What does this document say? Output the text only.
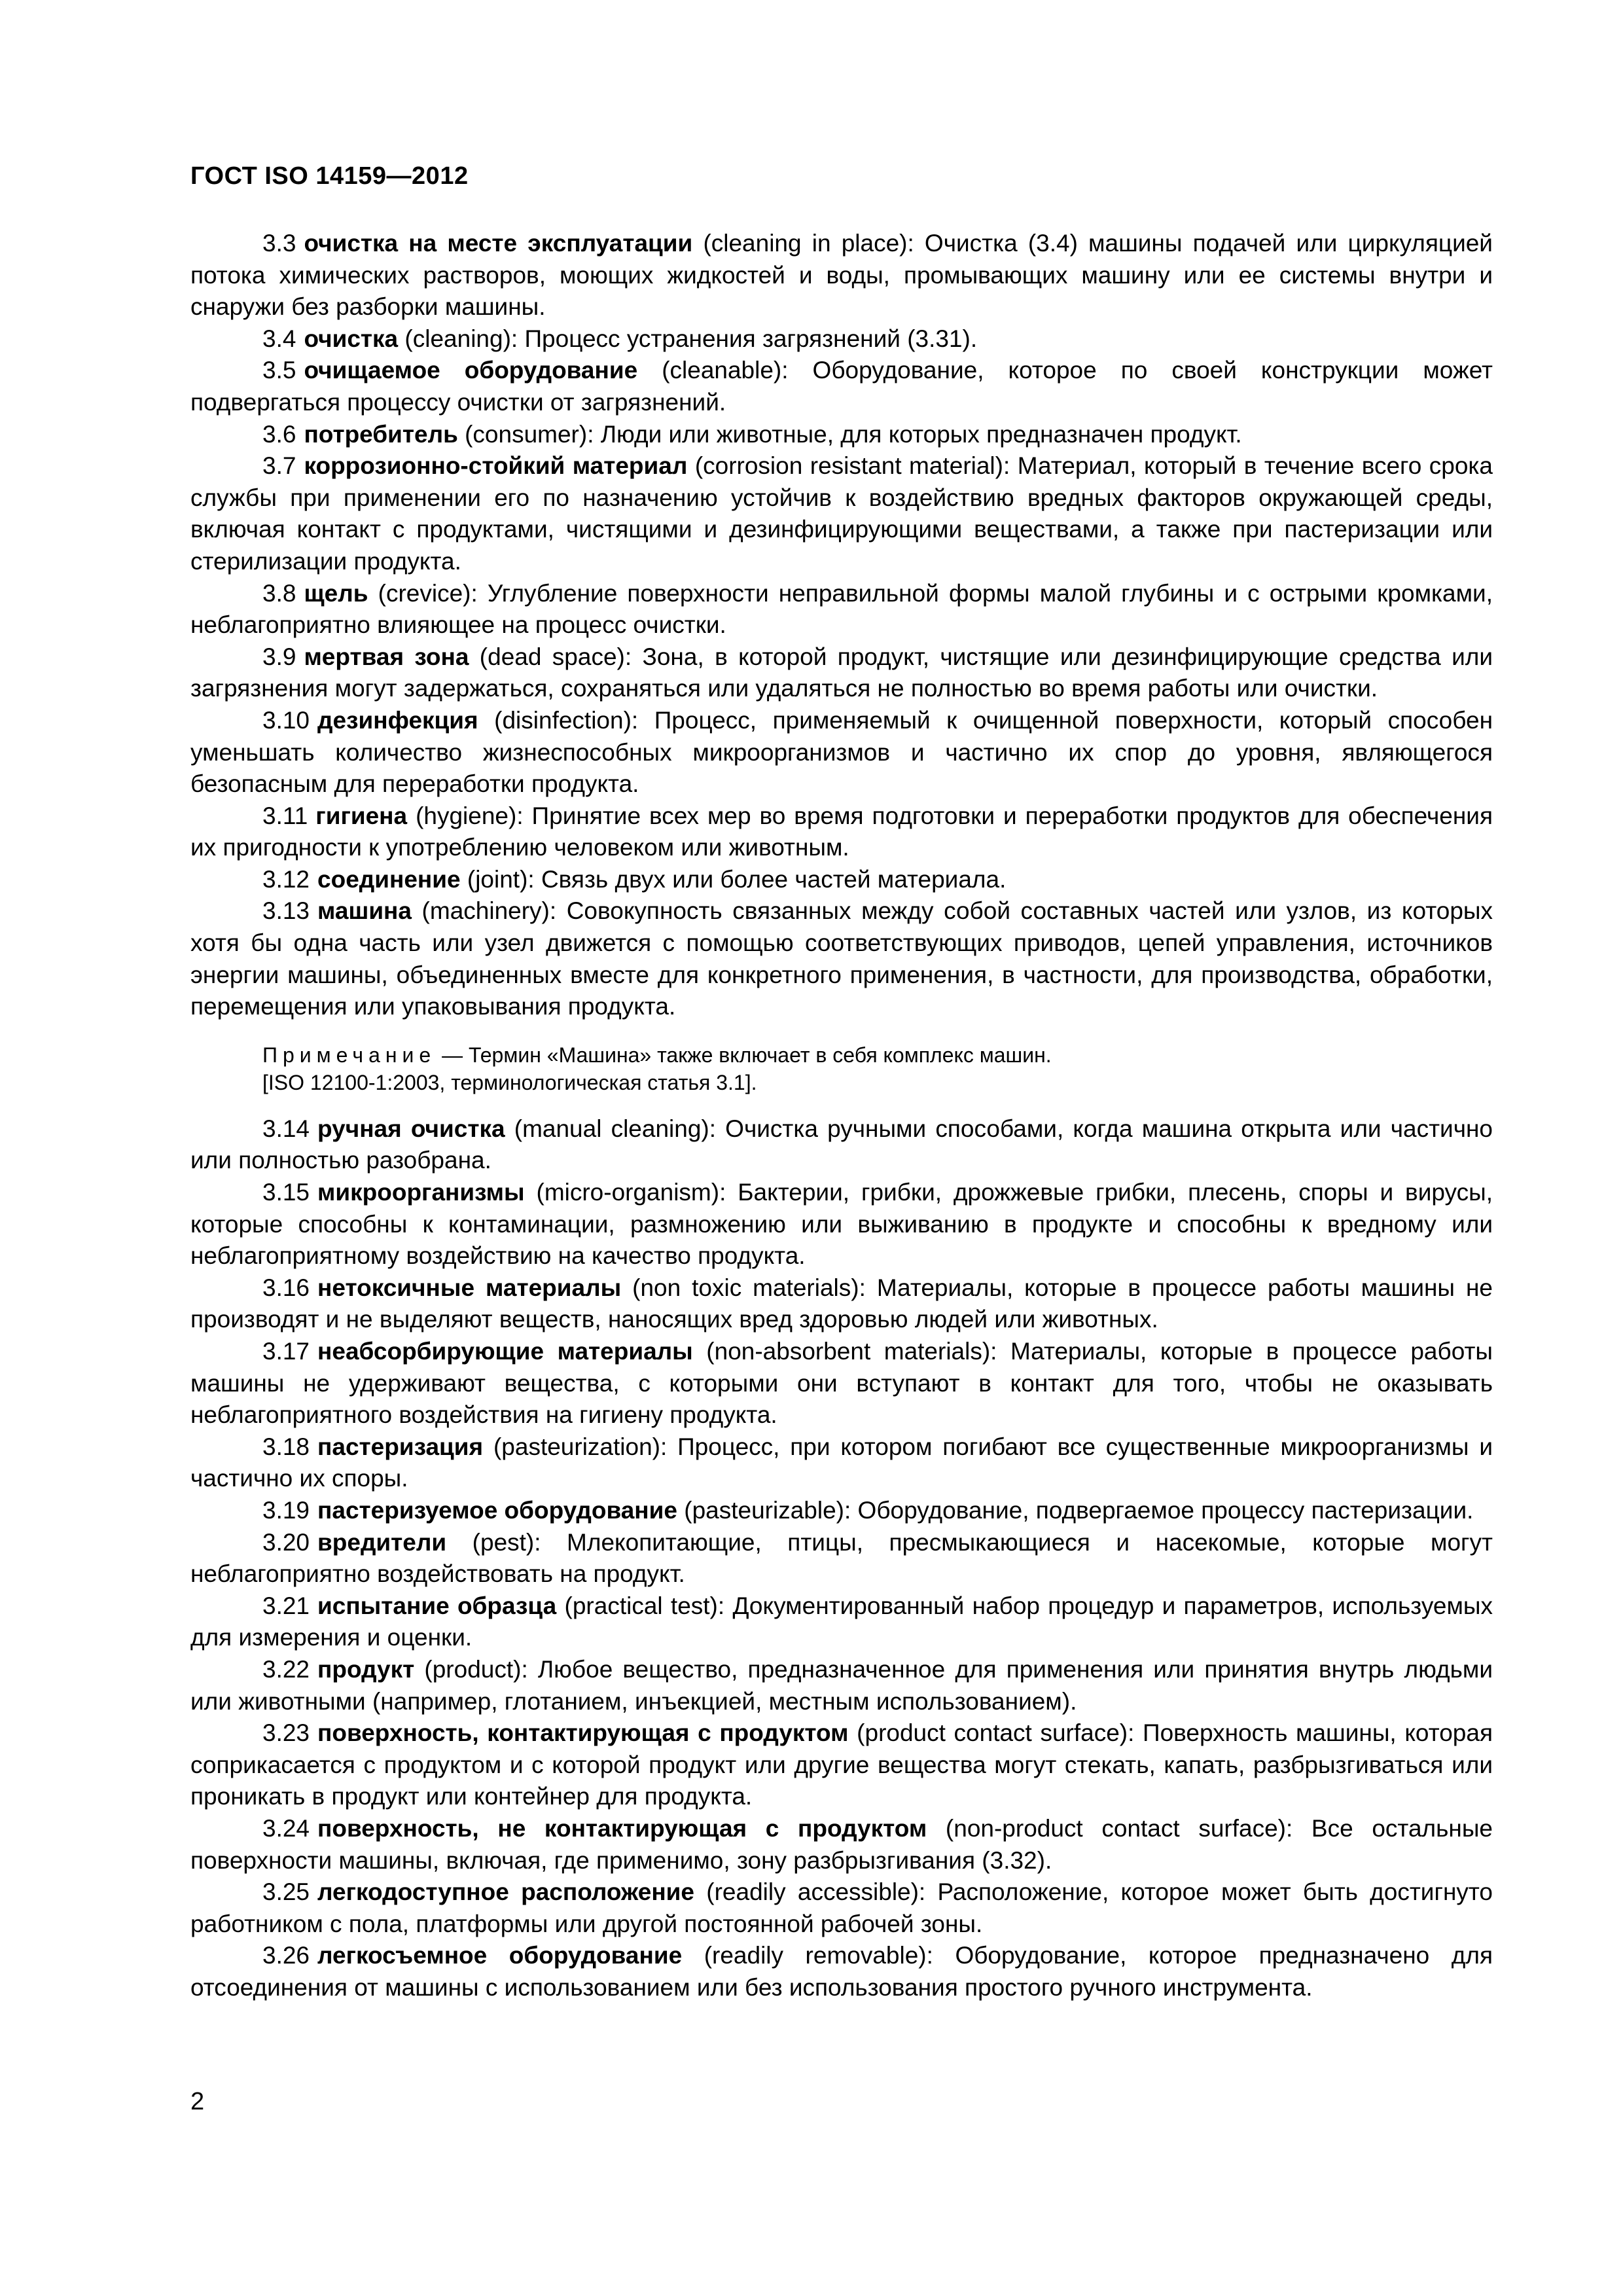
ГОСТ ISO 14159—2012

3.3 очистка на месте эксплуатации (cleaning in place): Очистка (3.4) машины подачей или циркуляцией потока химических растворов, моющих жидкостей и воды, промывающих машину или ее системы внутри и снаружи без разборки машины.

3.4 очистка (cleaning): Процесс устранения загрязнений (3.31).

3.5 очищаемое оборудование (cleanable): Оборудование, которое по своей конструкции может подвергаться процессу очистки от загрязнений.

3.6 потребитель (consumer): Люди или животные, для которых предназначен продукт.

3.7 коррозионно-стойкий материал (corrosion resistant material): Материал, который в течение всего срока службы при применении его по назначению устойчив к воздействию вредных факторов окружающей среды, включая контакт с продуктами, чистящими и дезинфицирующими веществами, а также при пастеризации или стерилизации продукта.

3.8 щель (crevice): Углубление поверхности неправильной формы малой глубины и с острыми кромками, неблагоприятно влияющее на процесс очистки.

3.9 мертвая зона (dead space): Зона, в которой продукт, чистящие или дезинфицирующие средства или загрязнения могут задержаться, сохраняться или удаляться не полностью во время работы или очистки.

3.10 дезинфекция (disinfection): Процесс, применяемый к очищенной поверхности, который способен уменьшать количество жизнеспособных микроорганизмов и частично их спор до уровня, являющегося безопасным для переработки продукта.

3.11 гигиена (hygiene): Принятие всех мер во время подготовки и переработки продуктов для обеспечения их пригодности к употреблению человеком или животным.

3.12 соединение (joint): Связь двух или более частей материала.

3.13 машина (machinery): Совокупность связанных между собой составных частей или узлов, из которых хотя бы одна часть или узел движется с помощью соответствующих приводов, цепей управления, источников энергии машины, объединенных вместе для конкретного применения, в частности, для производства, обработки, перемещения или упаковывания продукта.

Примечание — Термин «Машина» также включает в себя комплекс машин.

[ISO 12100-1:2003, терминологическая статья 3.1].

3.14 ручная очистка (manual cleaning): Очистка ручными способами, когда машина открыта или частично или полностью разобрана.

3.15 микроорганизмы (micro-organism): Бактерии, грибки, дрожжевые грибки, плесень, споры и вирусы, которые способны к контаминации, размножению или выживанию в продукте и способны к вредному или неблагоприятному воздействию на качество продукта.

3.16 нетоксичные материалы (non toxic materials): Материалы, которые в процессе работы машины не производят и не выделяют веществ, наносящих вред здоровью людей или животных.

3.17 неабсорбирующие материалы (non-absorbent materials): Материалы, которые в процессе работы машины не удерживают вещества, с которыми они вступают в контакт для того, чтобы не оказывать неблагоприятного воздействия на гигиену продукта.

3.18 пастеризация (pasteurization): Процесс, при котором погибают все существенные микроорганизмы и частично их споры.

3.19 пастеризуемое оборудование (pasteurizable): Оборудование, подвергаемое процессу пастеризации.

3.20 вредители (pest): Млекопитающие, птицы, пресмыкающиеся и насекомые, которые могут неблагоприятно воздействовать на продукт.

3.21 испытание образца (practical test): Документированный набор процедур и параметров, используемых для измерения и оценки.

3.22 продукт (product): Любое вещество, предназначенное для применения или принятия внутрь людьми или животными (например, глотанием, инъекцией, местным использованием).

3.23 поверхность, контактирующая с продуктом (product contact surface): Поверхность машины, которая соприкасается с продуктом и с которой продукт или другие вещества могут стекать, капать, разбрызгиваться или проникать в продукт или контейнер для продукта.

3.24 поверхность, не контактирующая с продуктом (non-product contact surface): Все остальные поверхности машины, включая, где применимо, зону разбрызгивания (3.32).

3.25 легкодоступное расположение (readily accessible): Расположение, которое может быть достигнуто работником с пола, платформы или другой постоянной рабочей зоны.

3.26 легкосъемное оборудование (readily removable): Оборудование, которое предназначено для отсоединения от машины с использованием или без использования простого ручного инструмента.

2
